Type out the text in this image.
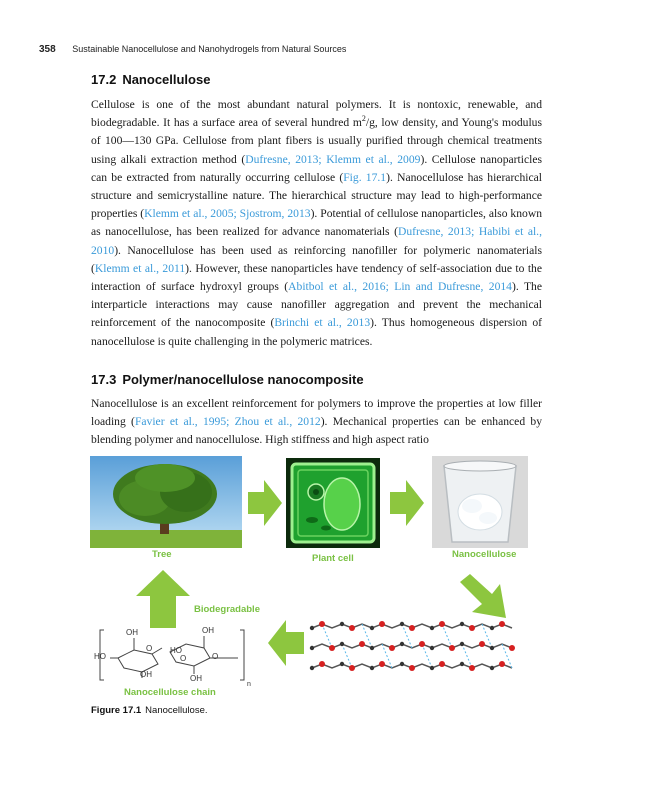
358 Sustainable Nanocellulose and Nanohydrogels from Natural Sources
17.2 Nanocellulose
Cellulose is one of the most abundant natural polymers. It is nontoxic, renewable, and biodegradable. It has a surface area of several hundred $m^2/g$, low density, and Young's modulus of 100—130 GPa. Cellulose from plant fibers is usually purified through chemical treatments using alkali extraction method (Dufresne, 2013; Klemm et al., 2009). Cellulose nanoparticles can be extracted from naturally occurring cellulose (Fig. 17.1). Nanocellulose has hierarchical structure and semicrystalline nature. The hierarchical structure may lead to high-performance properties (Klemm et al., 2005; Sjostrom, 2013). Potential of cellulose nanoparticles, also known as nanocellulose, has been realized for advance nanomaterials (Dufresne, 2013; Habibi et al., 2010). Nanocellulose has been used as reinforcing nanofiller for polymeric nanomaterials (Klemm et al., 2011). However, these nanoparticles have tendency of self-association due to the interaction of surface hydroxyl groups (Abitbol et al., 2016; Lin and Dufresne, 2014). The interparticle interactions may cause nanofiller aggregation and prevent the mechanical reinforcement of the nanocomposite (Brinchi et al., 2013). Thus homogeneous dispersion of nanocellulose is quite challenging in the polymeric matrices.
17.3 Polymer/nanocellulose nanocomposite
Nanocellulose is an excellent reinforcement for polymers to improve the properties at low filler loading (Favier et al., 1995; Zhou et al., 2012). Mechanical properties can be enhanced by blending polymer and nanocellulose. High stiffness and high aspect ratio
Tree	Plant cell	Nanocellulose
Biodegradable
OH
HO
O HO
O
OH
O
OH	OH
n
Nanocellulose chain
Figure 17.1 Nanocellulose.
